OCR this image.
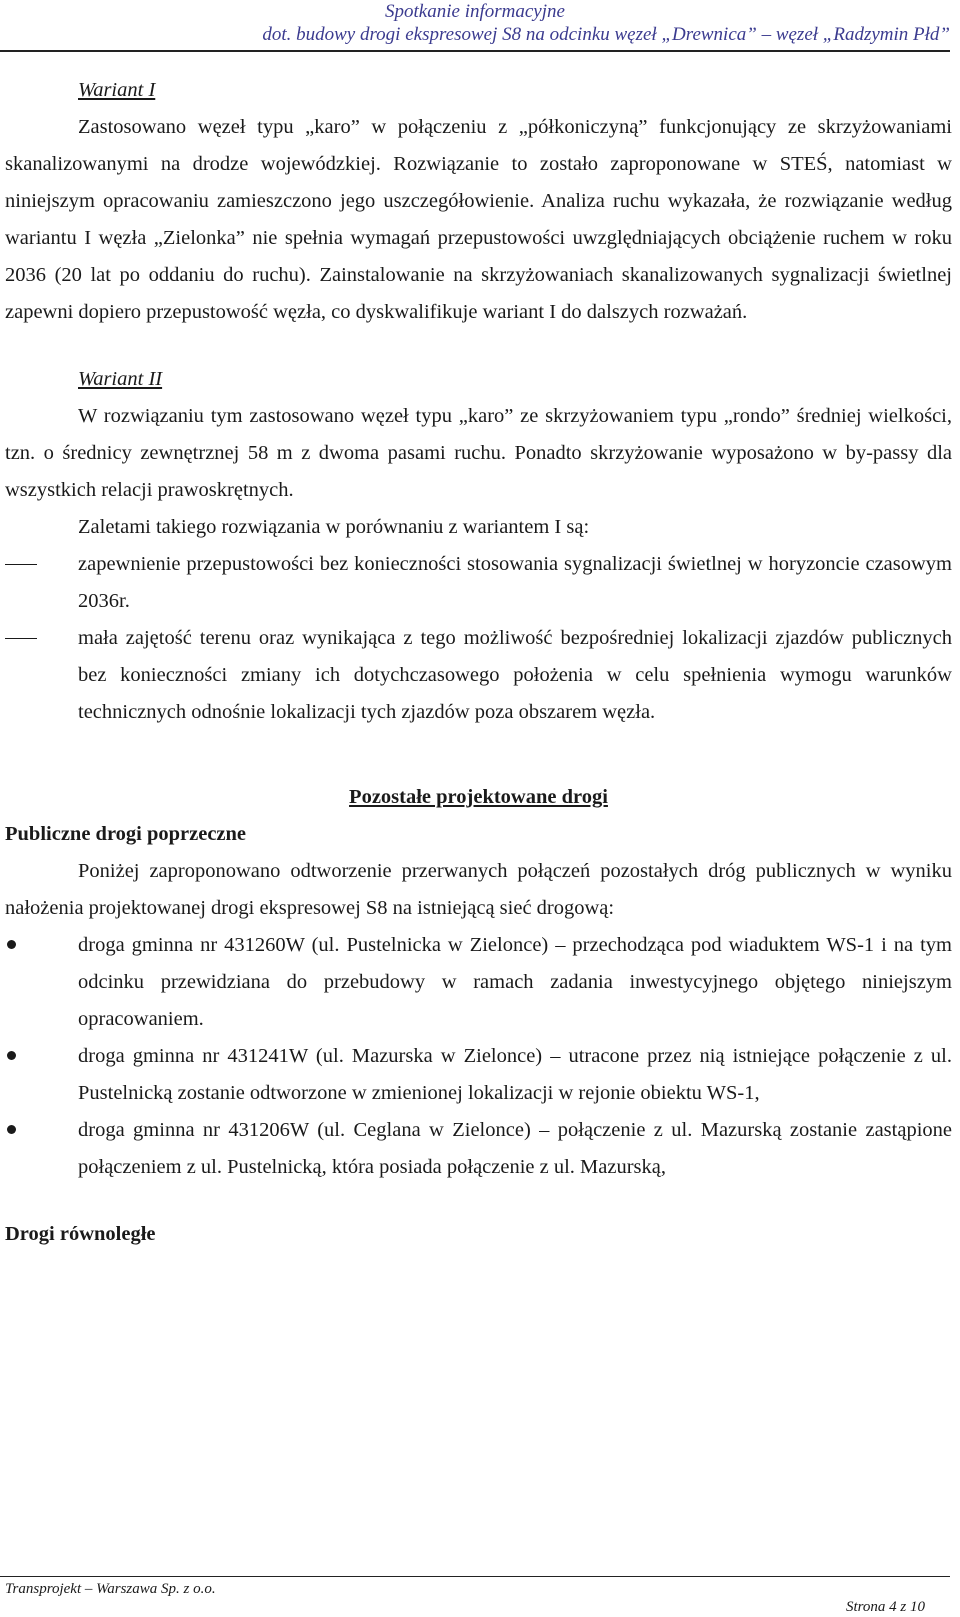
Spotkanie informacyjne
dot. budowy drogi ekspresowej S8 na odcinku węzeł „Drewnica” – węzeł „Radzymin Płd”
Wariant I
Zastosowano węzeł typu „karo” w połączeniu z „półkoniczyną” funkcjonujący ze skrzyżowaniami skanalizowanymi na drodze wojewódzkiej. Rozwiązanie to zostało zaproponowane w STEŚ, natomiast w niniejszym opracowaniu zamieszczono jego uszczegółowienie. Analiza ruchu wykazała, że rozwiązanie według wariantu I węzła „Zielonka” nie spełnia wymagań przepustowości uwzględniających obciążenie ruchem w roku 2036 (20 lat po oddaniu do ruchu). Zainstalowanie na skrzyżowaniach skanalizowanych sygnalizacji świetlnej zapewni dopiero przepustowość węzła, co dyskwalifikuje wariant I do dalszych rozważań.
Wariant II
W rozwiązaniu tym zastosowano węzeł typu „karo” ze skrzyżowaniem typu „rondo” średniej wielkości, tzn. o średnicy zewnętrznej 58 m z dwoma pasami ruchu. Ponadto skrzyżowanie wyposażono w by-passy dla wszystkich relacji prawoskrętnych.
Zaletami takiego rozwiązania w porównaniu z wariantem I są:
zapewnienie przepustowości bez konieczności stosowania sygnalizacji świetlnej w horyzoncie czasowym 2036r.
mała zajętość terenu oraz wynikająca z tego możliwość bezpośredniej lokalizacji zjazdów publicznych bez konieczności zmiany ich dotychczasowego położenia w celu spełnienia wymogu warunków technicznych odnośnie lokalizacji tych zjazdów poza obszarem węzła.
Pozostałe projektowane drogi
Publiczne drogi poprzeczne
Poniżej zaproponowano odtworzenie przerwanych połączeń pozostałych dróg publicznych w wyniku nałożenia projektowanej drogi ekspresowej S8 na istniejącą sieć drogową:
droga gminna nr 431260W (ul. Pustelnicka w Zielonce) – przechodząca pod wiaduktem WS-1 i na tym odcinku przewidziana do przebudowy w ramach zadania inwestycyjnego objętego niniejszym opracowaniem.
droga gminna nr 431241W (ul. Mazurska w Zielonce) – utracone przez nią istniejące połączenie z ul. Pustelnicką zostanie odtworzone w zmienionej lokalizacji w rejonie obiektu WS-1,
droga gminna nr 431206W (ul. Ceglana w Zielonce) – połączenie z ul. Mazurską zostanie zastąpione połączeniem z ul. Pustelnicką, która posiada połączenie z ul. Mazurską,
Drogi równoległe
Transprojekt – Warszawa Sp. z o.o.
Strona 4 z 10
